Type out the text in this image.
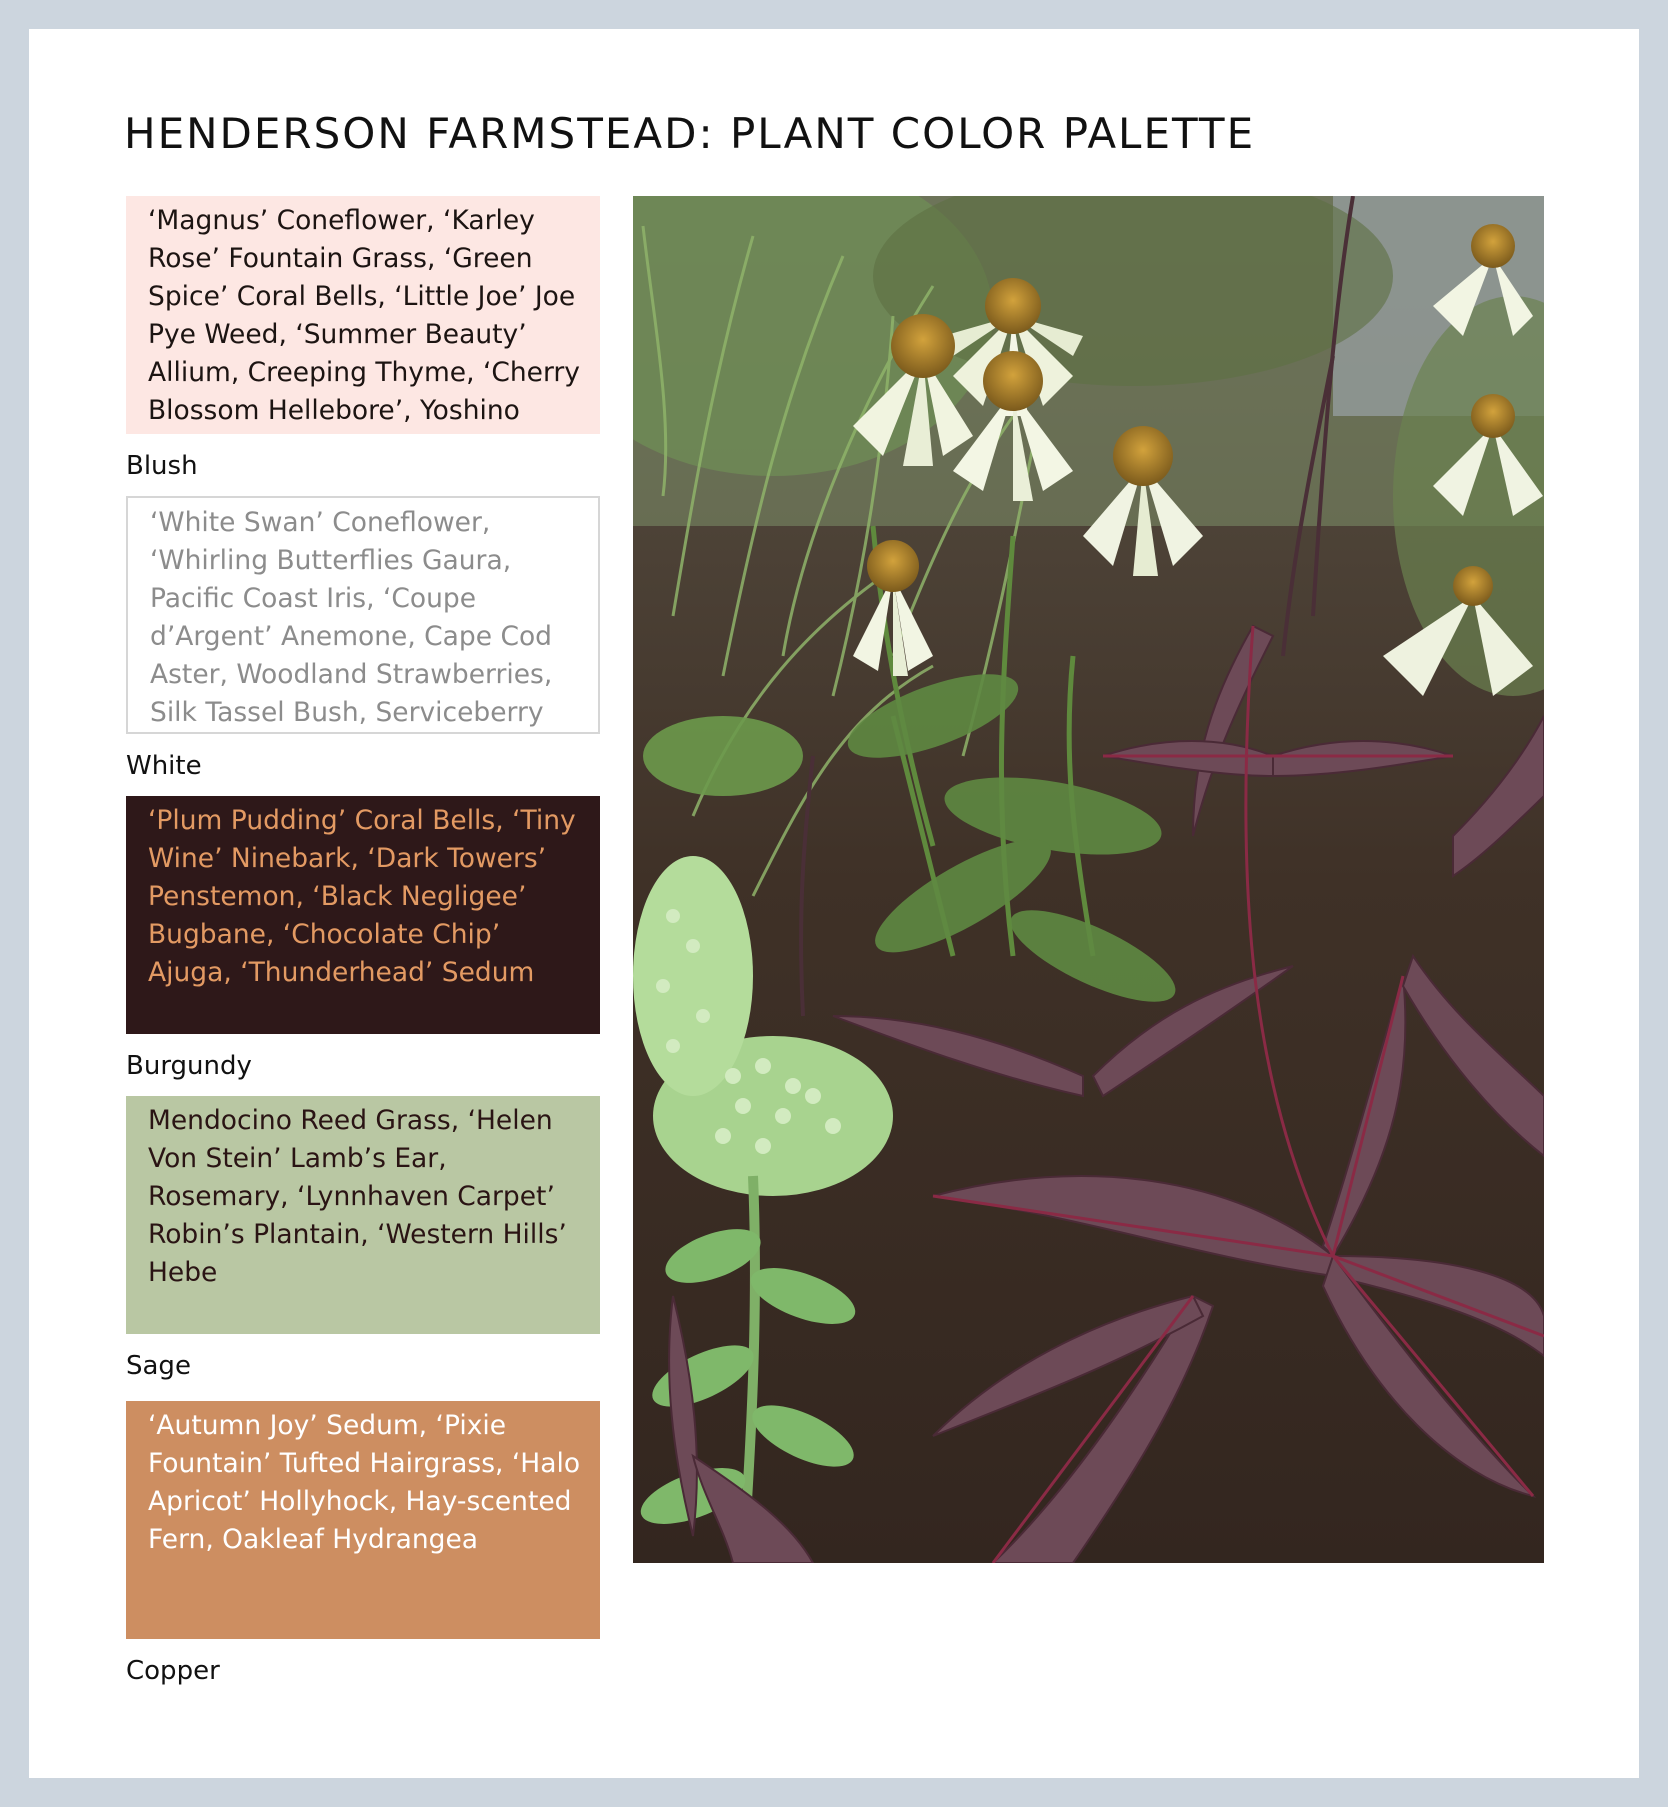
HENDERSON FARMSTEAD: PLANT COLOR PALETTE
‘Magnus’ Coneflower, ‘Karley Rose’ Fountain Grass, ‘Green Spice’ Coral Bells, ‘Little Joe’ Joe Pye Weed, ‘Summer Beauty’ Allium, Creeping Thyme, ‘Cherry Blossom Hellebore’, Yoshino
Blush
‘White Swan’ Coneflower, ‘Whirling Butterflies Gaura, Pacific Coast Iris, ‘Coupe d’Argent’ Anemone, Cape Cod Aster, Woodland Strawberries, Silk Tassel Bush, Serviceberry
White
‘Plum Pudding’ Coral Bells, ‘Tiny Wine’ Ninebark, ‘Dark Towers’ Penstemon, ‘Black Negligee’ Bugbane, ‘Chocolate Chip’ Ajuga, ‘Thunderhead’ Sedum
Burgundy
Mendocino Reed Grass, ‘Helen Von Stein’ Lamb’s Ear, Rosemary, ‘Lynnhaven Carpet’ Robin’s Plantain, ‘Western Hills’ Hebe
Sage
‘Autumn Joy’ Sedum, ‘Pixie Fountain’ Tufted Hairgrass, ‘Halo Apricot’ Hollyhock, Hay-scented Fern, Oakleaf Hydrangea
Copper
